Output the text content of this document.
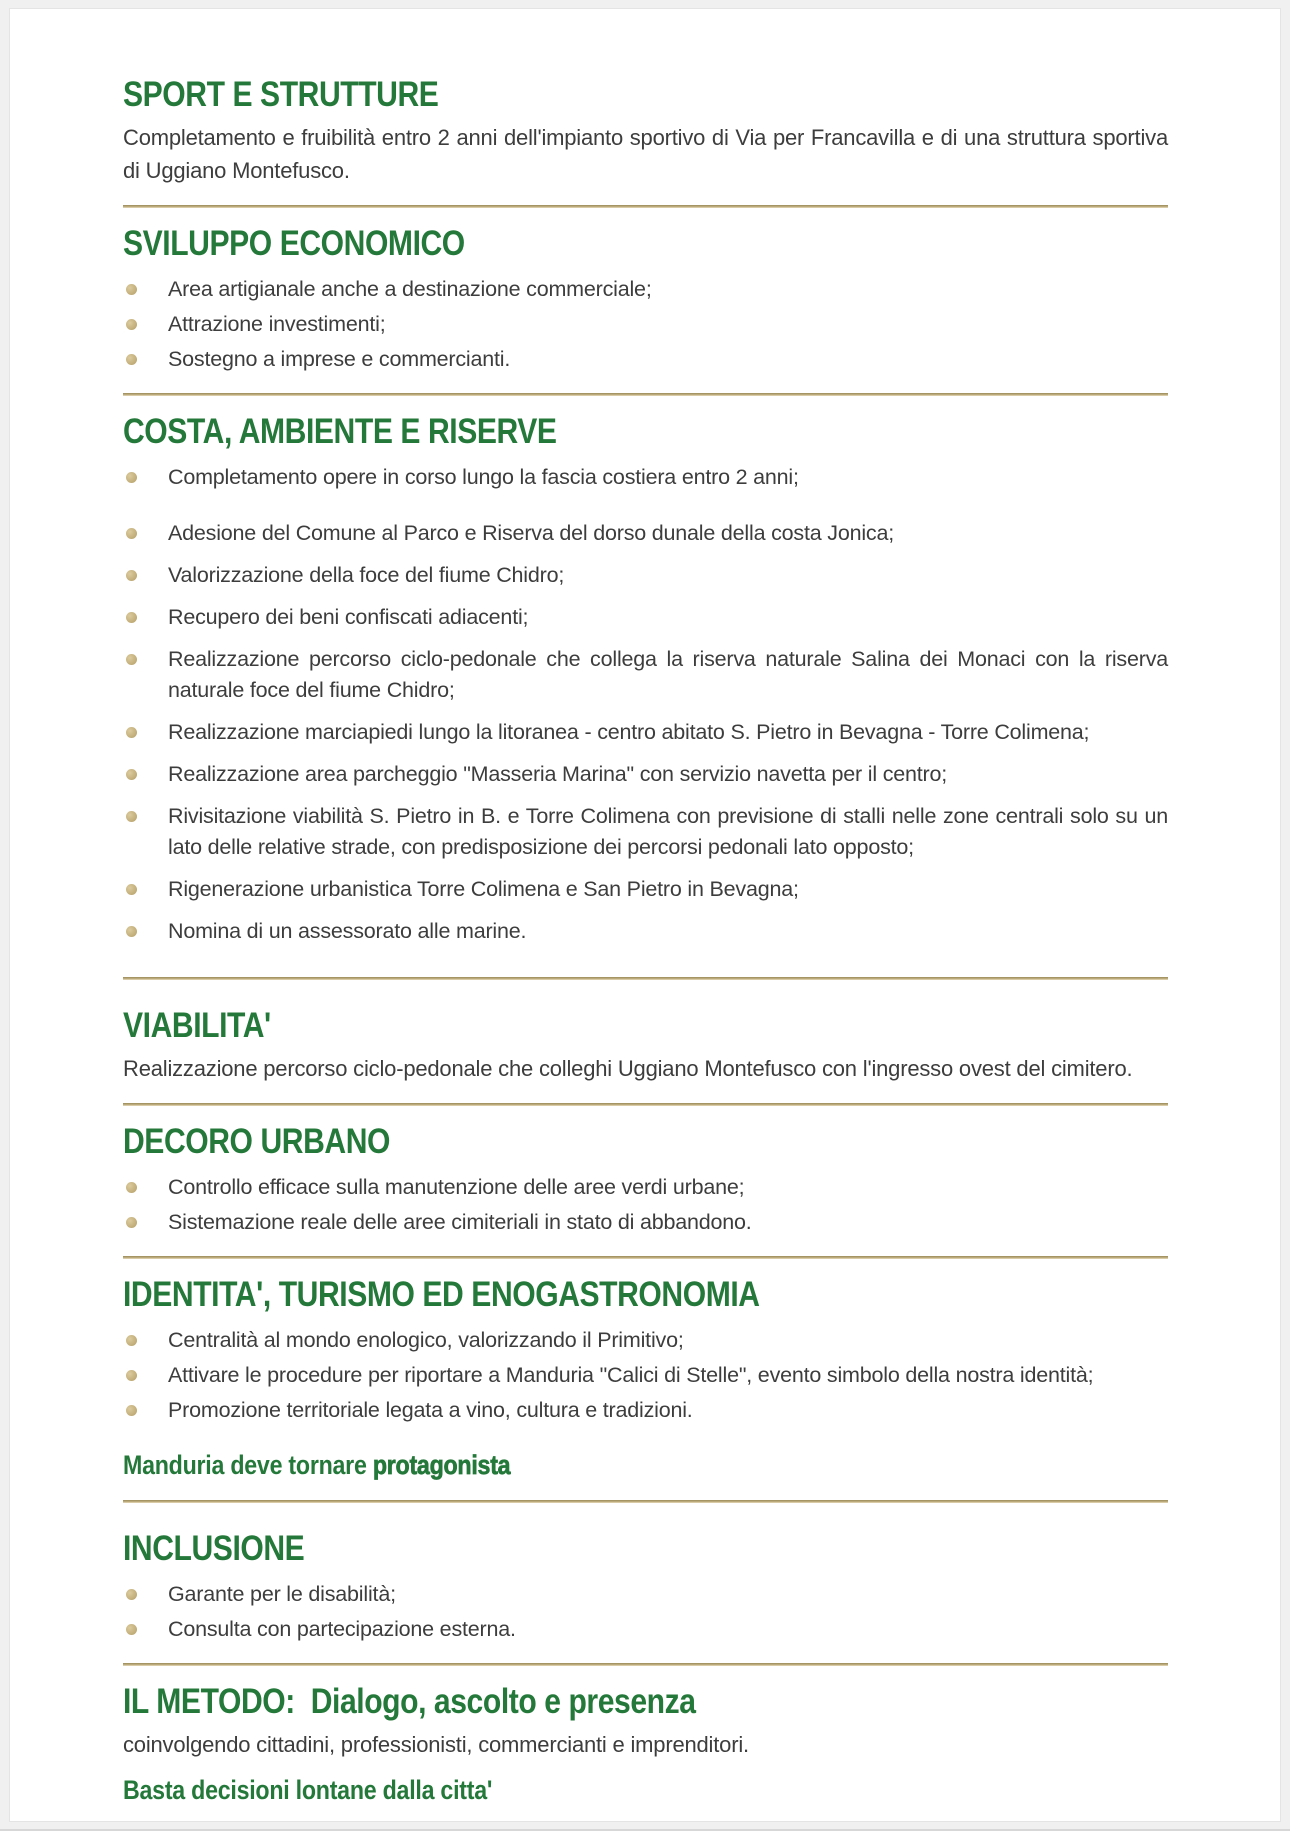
SPORT E STRUTTURE

Completamento e fruibilità entro 2 anni dell'impianto sportivo di Via per Francavilla e di una struttura sportiva di Uggiano Montefusco.

SVILUPPO ECONOMICO
Area artigianale anche a destinazione commerciale;
Attrazione investimenti;
Sostegno a imprese e commercianti.
COSTA, AMBIENTE E RISERVE
Completamento opere in corso lungo la fascia costiera entro 2 anni;
Adesione del Comune al Parco e Riserva del dorso dunale della costa Jonica;
Valorizzazione della foce del fiume Chidro;
Recupero dei beni confiscati adiacenti;
Realizzazione percorso ciclo-pedonale che collega la riserva naturale Salina dei Monaci con la riserva naturale foce del fiume Chidro;
Realizzazione marciapiedi lungo la litoranea - centro abitato S. Pietro in Bevagna - Torre Colimena;
Realizzazione area parcheggio "Masseria Marina" con servizio navetta per il centro;
Rivisitazione viabilità S. Pietro in B. e Torre Colimena con previsione di stalli nelle zone centrali solo su un lato delle relative strade, con predisposizione dei percorsi pedonali lato opposto;
Rigenerazione urbanistica Torre Colimena e San Pietro in Bevagna;
Nomina di un assessorato alle marine.
VIABILITA'

Realizzazione percorso ciclo-pedonale che colleghi Uggiano Montefusco con l'ingresso ovest del cimitero.

DECORO URBANO
Controllo efficace sulla manutenzione delle aree verdi urbane;
Sistemazione reale delle aree cimiteriali in stato di abbandono.
IDENTITA', TURISMO ED ENOGASTRONOMIA
Centralità al mondo enologico, valorizzando il Primitivo;
Attivare le procedure per riportare a Manduria "Calici di Stelle", evento simbolo della nostra identità;
Promozione territoriale legata a vino, cultura e tradizioni.
Manduria deve tornare protagonista
INCLUSIONE
Garante per le disabilità;
Consulta con partecipazione esterna.
IL METODO:  Dialogo, ascolto e presenza

coinvolgendo cittadini, professionisti, commercianti e imprenditori.

Basta decisioni lontane dalla citta'
